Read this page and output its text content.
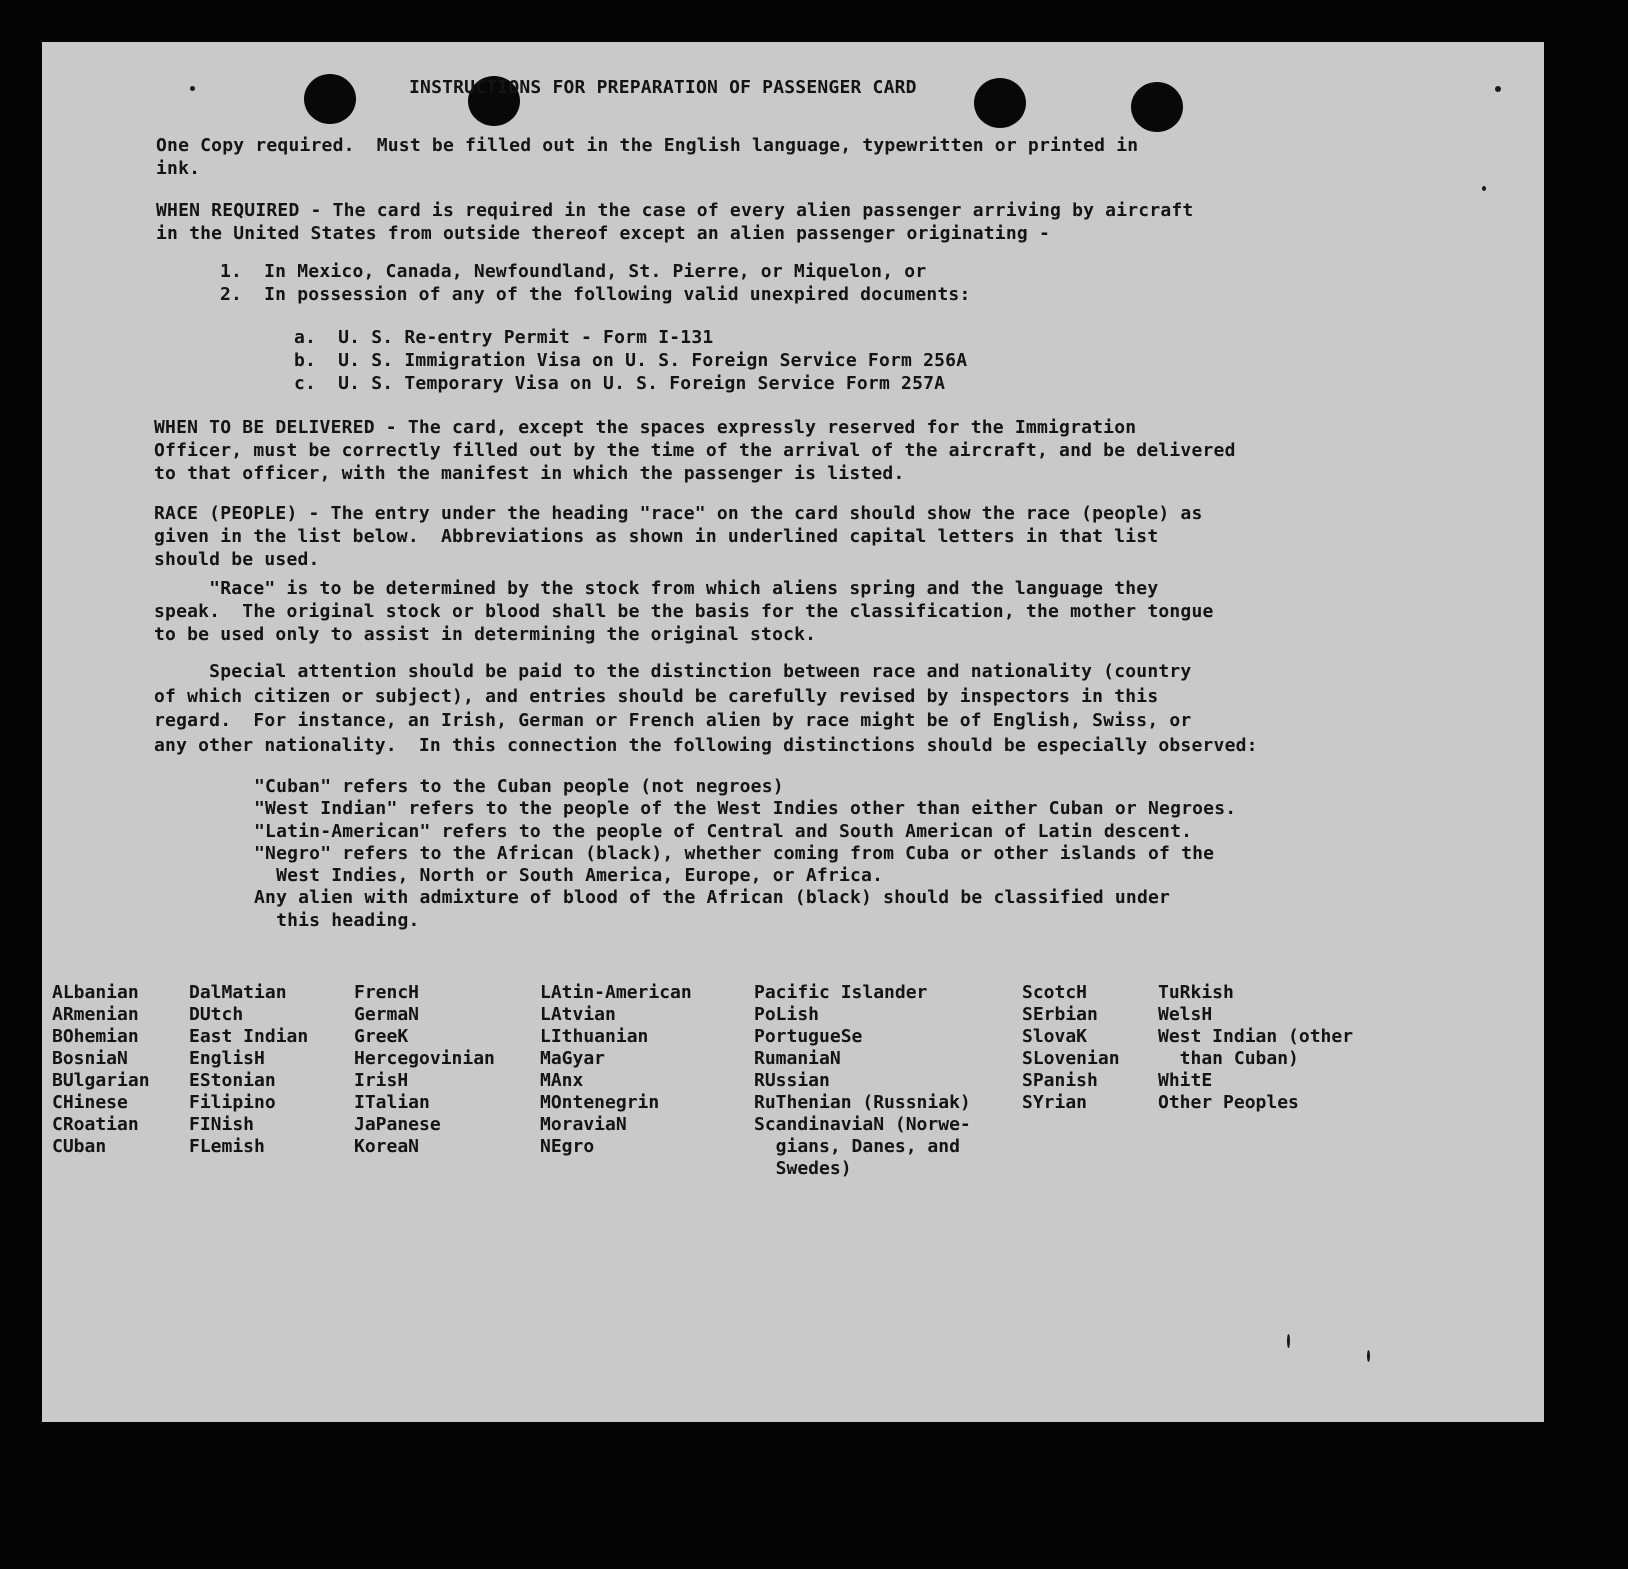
INSTRUCTIONS FOR PREPARATION OF PASSENGER CARD
One Copy required.  Must be filled out in the English language, typewritten or printed in
ink.
WHEN REQUIRED - The card is required in the case of every alien passenger arriving by aircraft
in the United States from outside thereof except an alien passenger originating -
1.  In Mexico, Canada, Newfoundland, St. Pierre, or Miquelon, or
2.  In possession of any of the following valid unexpired documents:
a.  U. S. Re-entry Permit - Form I-131
b.  U. S. Immigration Visa on U. S. Foreign Service Form 256A
c.  U. S. Temporary Visa on U. S. Foreign Service Form 257A
WHEN TO BE DELIVERED - The card, except the spaces expressly reserved for the Immigration
Officer, must be correctly filled out by the time of the arrival of the aircraft, and be delivered
to that officer, with the manifest in which the passenger is listed.
RACE (PEOPLE) - The entry under the heading "race" on the card should show the race (people) as
given in the list below.  Abbreviations as shown in underlined capital letters in that list
should be used.
"Race" is to be determined by the stock from which aliens spring and the language they
speak.  The original stock or blood shall be the basis for the classification, the mother tongue
to be used only to assist in determining the original stock.
Special attention should be paid to the distinction between race and nationality (country
of which citizen or subject), and entries should be carefully revised by inspectors in this
regard.  For instance, an Irish, German or French alien by race might be of English, Swiss, or
any other nationality.  In this connection the following distinctions should be especially observed:
"Cuban" refers to the Cuban people (not negroes)
"West Indian" refers to the people of the West Indies other than either Cuban or Negroes.
"Latin-American" refers to the people of Central and South American of Latin descent.
"Negro" refers to the African (black), whether coming from Cuba or other islands of the
West Indies, North or South America, Europe, or Africa.
Any alien with admixture of blood of the African (black) should be classified under
this heading.
ALbanian
ARmenian
BOhemian
BosniaN
BUlgarian
CHinese
CRoatian
CUban
DalMatian
DUtch
East Indian
EnglisH
EStonian
Filipino
FINish
FLemish
FrencH
GermaN
GreeK
Hercegovinian
IrisH
ITalian
JaPanese
KoreaN
LAtin-American
LAtvian
LIthuanian
MaGyar
MAnx
MOntenegrin
MoraviaN
NEgro
Pacific Islander
PoLish
PortugueSe
RumaniaN
RUssian
RuThenian (Russniak)
ScandinaviaN (Norwe-
gians, Danes, and
Swedes)
ScotcH
SErbian
SlovaK
SLovenian
SPanish
SYrian
TuRkish
WelsH
West Indian (other
than Cuban)
WhitE
Other Peoples
